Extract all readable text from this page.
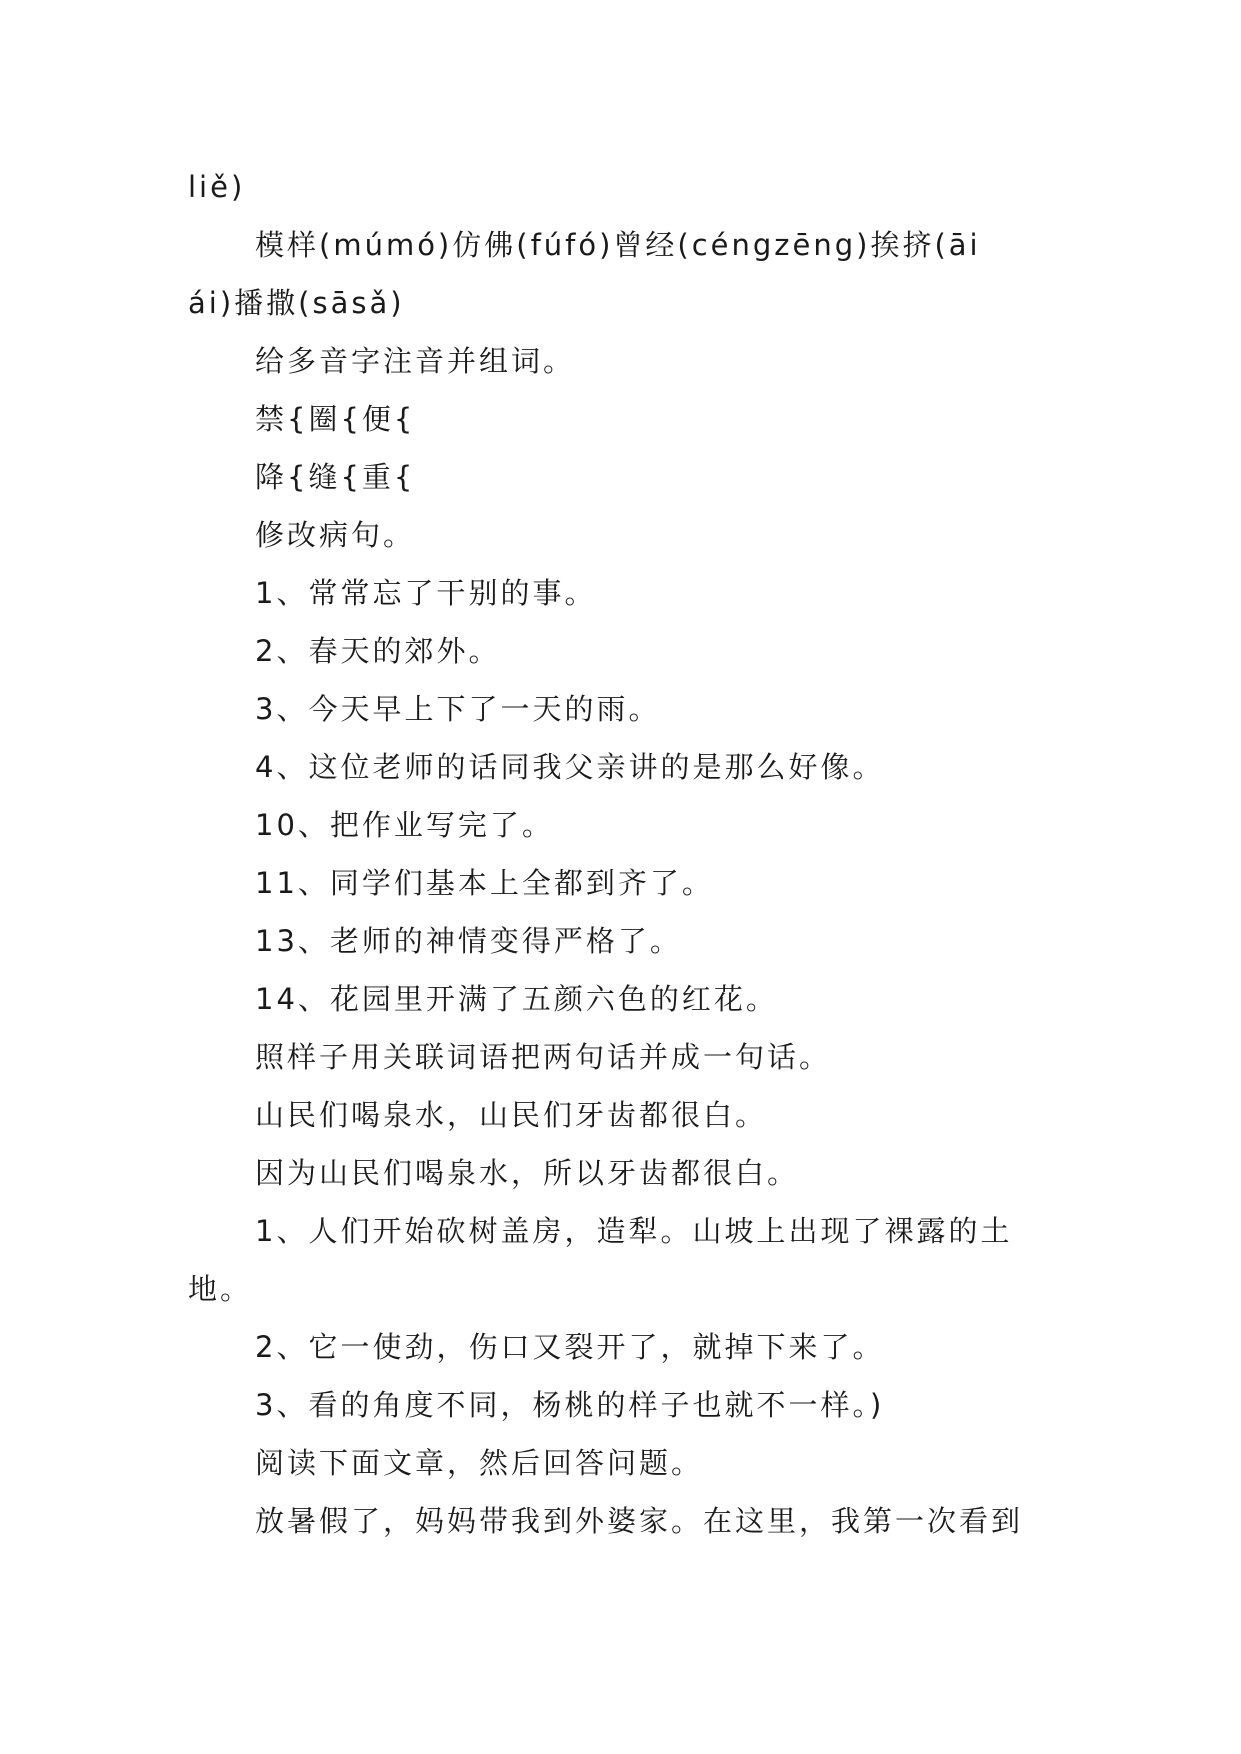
liě)
模样(múmó)仿佛(fúfó)曾经(céngzēng)挨挤(āi
ái)播撒(sāsǎ)
给多音字注音并组词。
禁{圈{便{
降{缝{重{
修改病句。
1、常常忘了干别的事。
2、春天的郊外。
3、今天早上下了一天的雨。
4、这位老师的话同我父亲讲的是那么好像。
10、把作业写完了。
11、同学们基本上全都到齐了。
13、老师的神情变得严格了。
14、花园里开满了五颜六色的红花。
照样子用关联词语把两句话并成一句话。
山民们喝泉水，山民们牙齿都很白。
因为山民们喝泉水，所以牙齿都很白。
1、人们开始砍树盖房，造犁。山坡上出现了裸露的土
地。
2、它一使劲，伤口又裂开了，就掉下来了。
3、看的角度不同，杨桃的样子也就不一样。)
阅读下面文章，然后回答问题。
放暑假了，妈妈带我到外婆家。在这里，我第一次看到
